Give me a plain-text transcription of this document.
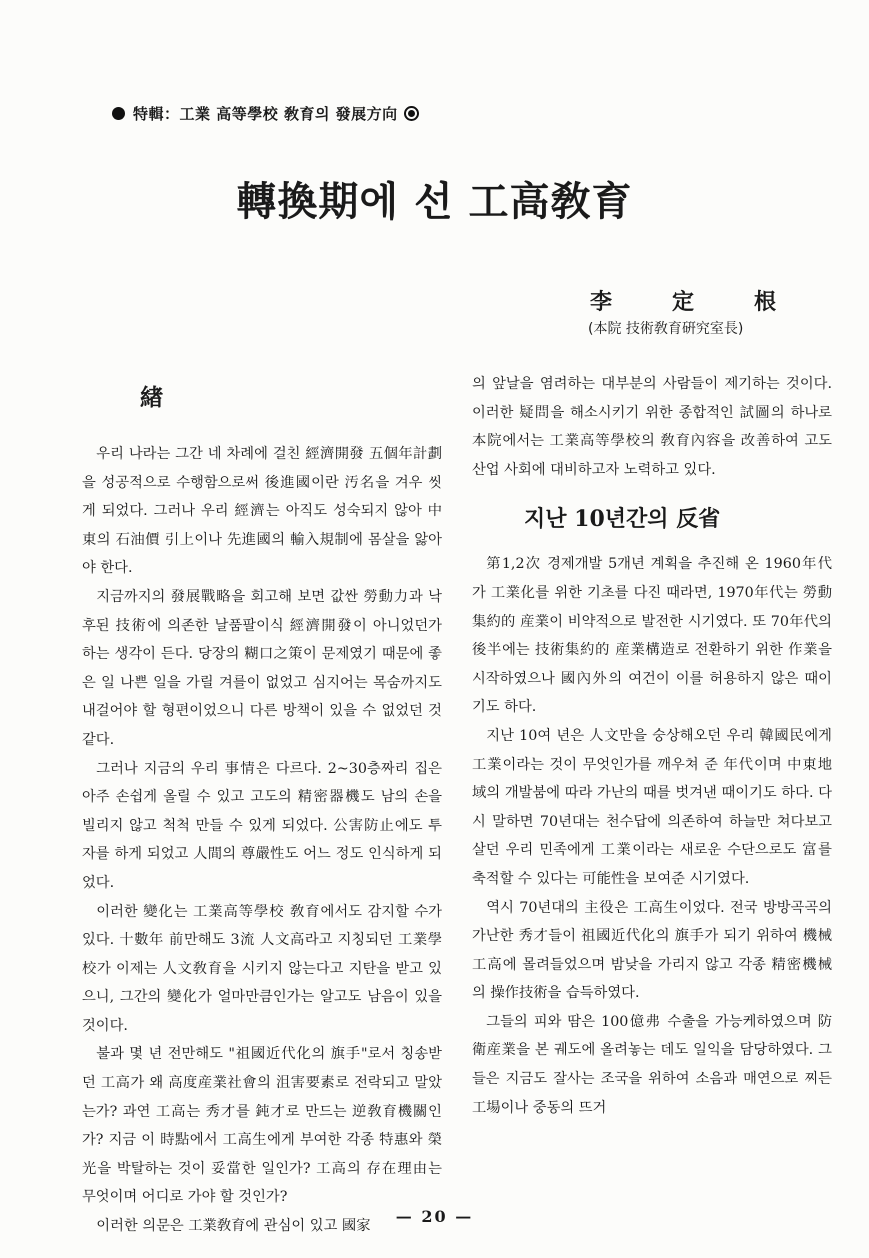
特輯：工業 高等學校 敎育의 發展方向
轉換期에 선 工高敎育
李	定	根
(本院 技術敎育硏究室長)
緖

우리 나라는 그간 네 차례에 걸친 經濟開發 五個年計劃을 성공적으로 수행함으로써 後進國이란 汚名을 겨우 씻게 되었다. 그러나 우리 經濟는 아직도 성숙되지 않아 中東의 石油價 引上이나 先進國의 輸入規制에 몸살을 앓아야 한다.

지금까지의 發展戰略을 회고해 보면 값싼 勞動力과 낙후된 技術에 의존한 날품팔이식 經濟開發이 아니었던가 하는 생각이 든다. 당장의 糊口之策이 문제였기 때문에 좋은 일 나쁜 일을 가릴 겨를이 없었고 심지어는 목숨까지도 내걸어야 할 형편이었으니 다른 방책이 있을 수 없었던 것 같다.

그러나 지금의 우리 事情은 다르다. 2~30층짜리 집은 아주 손쉽게 올릴 수 있고 고도의 精密器機도 남의 손을 빌리지 않고 척척 만들 수 있게 되었다. 公害防止에도 투자를 하게 되었고 人間의 尊嚴性도 어느 정도 인식하게 되었다.

이러한 變化는 工業高等學校 敎育에서도 감지할 수가 있다. 十數年 前만해도 3流 人文高라고 지칭되던 工業學校가 이제는 人文敎育을 시키지 않는다고 지탄을 받고 있으니, 그간의 變化가 얼마만큼인가는 알고도 남음이 있을 것이다.

불과 몇 년 전만해도 "祖國近代化의 旗手"로서 칭송받던 工高가 왜 高度産業社會의 沮害要素로 전락되고 말았는가? 과연 工高는 秀才를 鈍才로 만드는 逆敎育機關인가? 지금 이 時點에서 工高生에게 부여한 각종 特惠와 榮光을 박탈하는 것이 妥當한 일인가? 工高의 存在理由는 무엇이며 어디로 가야 할 것인가?

이러한 의문은 工業敎育에 관심이 있고 國家

의 앞날을 염려하는 대부분의 사람들이 제기하는 것이다. 이러한 疑問을 해소시키기 위한 종합적인 試圖의 하나로 本院에서는 工業高等學校의 敎育內容을 改善하여 고도 산업 사회에 대비하고자 노력하고 있다.

지난 10년간의 反省

第1,2次 경제개발 5개년 계획을 추진해 온 1960年代가 工業化를 위한 기초를 다진 때라면, 1970年代는 勞動集約的 産業이 비약적으로 발전한 시기였다. 또 70年代의 後半에는 技術集約的 産業構造로 전환하기 위한 作業을 시작하였으나 國內外의 여건이 이를 허용하지 않은 때이기도 하다.

지난 10여 년은 人文만을 숭상해오던 우리 韓國民에게 工業이라는 것이 무엇인가를 깨우쳐 준 年代이며 中東地域의 개발붐에 따라 가난의 때를 벗겨낸 때이기도 하다. 다시 말하면 70년대는 천수답에 의존하여 하늘만 쳐다보고 살던 우리 민족에게 工業이라는 새로운 수단으로도 富를 축적할 수 있다는 可能性을 보여준 시기였다.

역시 70년대의 主役은 工高生이었다. 전국 방방곡곡의 가난한 秀才들이 祖國近代化의 旗手가 되기 위하여 機械工高에 몰려들었으며 밤낮을 가리지 않고 각종 精密機械의 操作技術을 습득하였다.

그들의 피와 땀은 100億弗 수출을 가능케하였으며 防衛産業을 본 궤도에 올려놓는 데도 일익을 담당하였다. 그들은 지금도 잘사는 조국을 위하여 소음과 매연으로 찌든 工場이나 중동의 뜨거

— 20 —
